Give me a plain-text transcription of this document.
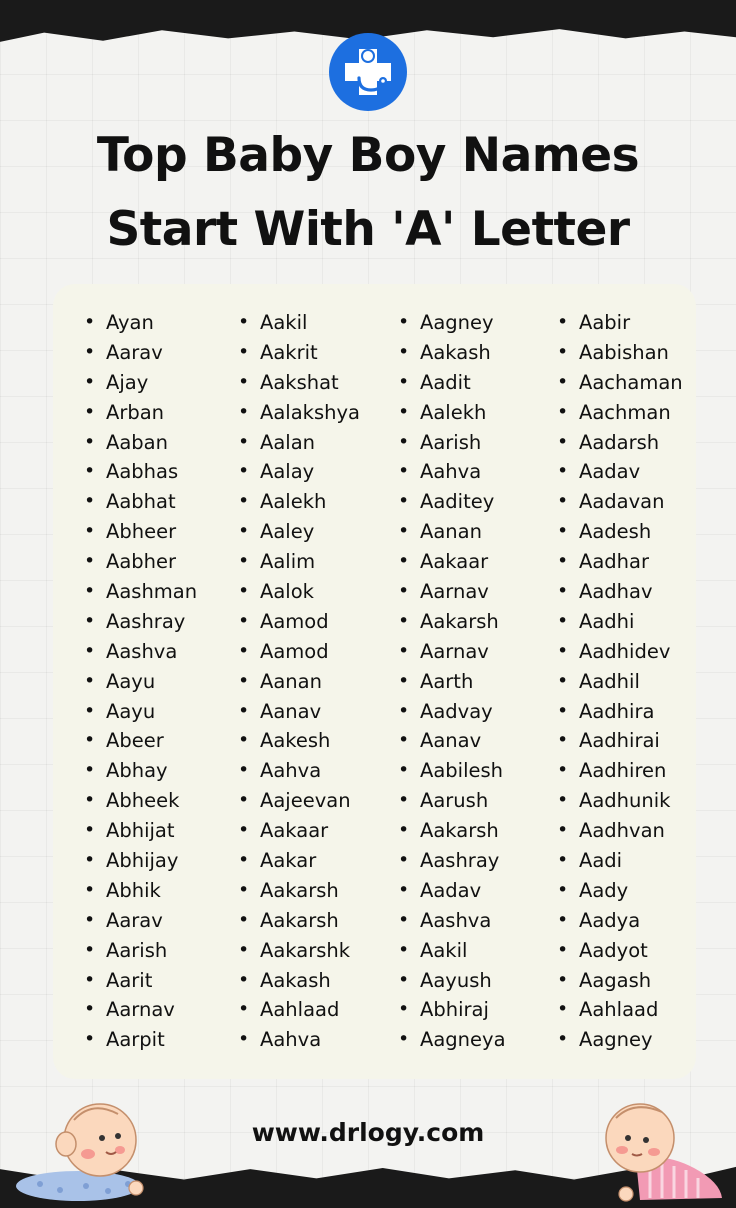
Top Baby Boy Names
Start With 'A' Letter
• Ayan
• Aarav
• Ajay
• Arban
• Aaban
• Aabhas
• Aabhat
• Abheer
• Aabher
• Aashman
• Aashray
• Aashva
• Aayu
• Aayu
• Abeer
• Abhay
• Abheek
• Abhijat
• Abhijay
• Abhik
• Aarav
• Aarish
• Aarit
• Aarnav
• Aarpit
• Aakil
• Aakrit
• Aakshat
• Aalakshya
• Aalan
• Aalay
• Aalekh
• Aaley
• Aalim
• Aalok
• Aamod
• Aamod
• Aanan
• Aanav
• Aakesh
• Aahva
• Aajeevan
• Aakaar
• Aakar
• Aakarsh
• Aakarsh
• Aakarshk
• Aakash
• Aahlaad
• Aahva
• Aagney
• Aakash
• Aadit
• Aalekh
• Aarish
• Aahva
• Aaditey
• Aanan
• Aakaar
• Aarnav
• Aakarsh
• Aarnav
• Aarth
• Aadvay
• Aanav
• Aabilesh
• Aarush
• Aakarsh
• Aashray
• Aadav
• Aashva
• Aakil
• Aayush
• Abhiraj
• Aagneya
• Aabir
• Aabishan
• Aachaman
• Aachman
• Aadarsh
• Aadav
• Aadavan
• Aadesh
• Aadhar
• Aadhav
• Aadhi
• Aadhidev
• Aadhil
• Aadhira
• Aadhirai
• Aadhiren
• Aadhunik
• Aadhvan
• Aadi
• Aady
• Aadya
• Aadyot
• Aagash
• Aahlaad
• Aagney
www.drlogy.com
